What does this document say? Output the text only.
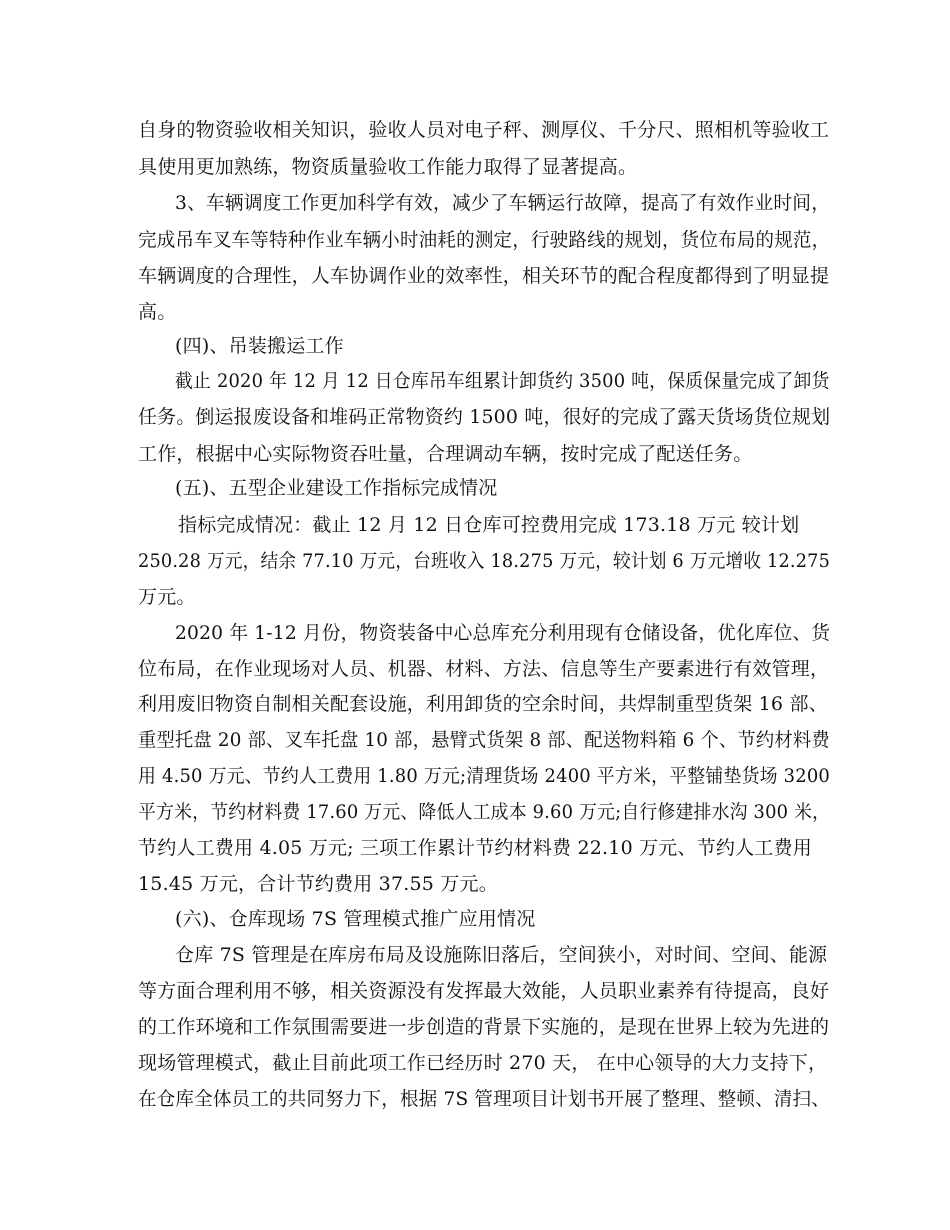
自身的物资验收相关知识，验收人员对电子秤、测厚仪、千分尺、照相机等验收工
具使用更加熟练，物资质量验收工作能力取得了显著提高。
3、车辆调度工作更加科学有效，减少了车辆运行故障，提高了有效作业时间，
完成吊车叉车等特种作业车辆小时油耗的测定，行驶路线的规划，货位布局的规范，
车辆调度的合理性，人车协调作业的效率性，相关环节的配合程度都得到了明显提
高。
(四)、吊装搬运工作
截止 2020 年 12 月 12 日仓库吊车组累计卸货约 3500 吨，保质保量完成了卸货
任务。倒运报废设备和堆码正常物资约 1500 吨，很好的完成了露天货场货位规划
工作，根据中心实际物资吞吐量，合理调动车辆，按时完成了配送任务。
(五)、五型企业建设工作指标完成情况
指标完成情况：截止 12 月 12 日仓库可控费用完成 173.18 万元 较计划
250.28 万元，结余 77.10 万元，台班收入 18.275 万元，较计划 6 万元增收 12.275
万元。
2020 年 1-12 月份，物资装备中心总库充分利用现有仓储设备，优化库位、货
位布局，在作业现场对人员、机器、材料、方法、信息等生产要素进行有效管理，
利用废旧物资自制相关配套设施，利用卸货的空余时间，共焊制重型货架 16 部、
重型托盘 20 部、叉车托盘 10 部，悬臂式货架 8 部、配送物料箱 6 个、节约材料费
用 4.50 万元、节约人工费用 1.80 万元;清理货场 2400 平方米，平整铺垫货场 3200
平方米，节约材料费 17.60 万元、降低人工成本 9.60 万元;自行修建排水沟 300 米，
节约人工费用 4.05 万元; 三项工作累计节约材料费 22.10 万元、节约人工费用
15.45 万元，合计节约费用 37.55 万元。
(六)、仓库现场 7S 管理模式推广应用情况
仓库 7S 管理是在库房布局及设施陈旧落后，空间狭小，对时间、空间、能源
等方面合理利用不够，相关资源没有发挥最大效能，人员职业素养有待提高，良好
的工作环境和工作氛围需要进一步创造的背景下实施的，是现在世界上较为先进的
现场管理模式，截止目前此项工作已经历时 270 天， 在中心领导的大力支持下，
在仓库全体员工的共同努力下，根据 7S 管理项目计划书开展了整理、整顿、清扫、
